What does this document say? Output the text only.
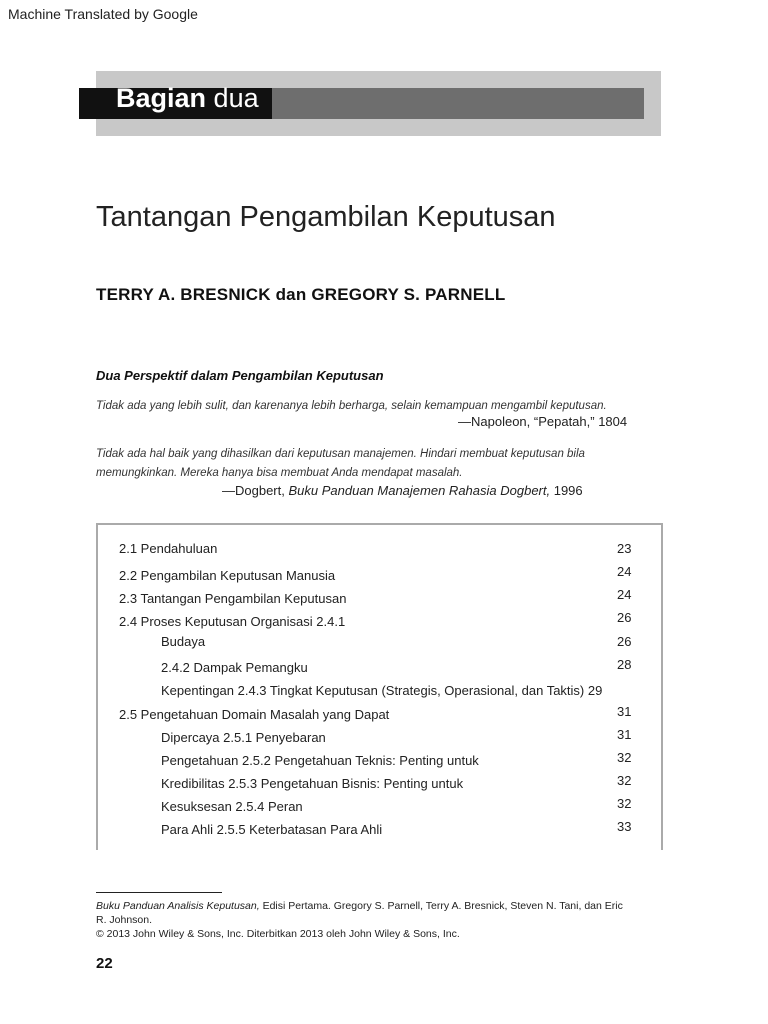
Machine Translated by Google
Bagian dua
Tantangan Pengambilan Keputusan
TERRY A. BRESNICK dan GREGORY S. PARNELL
Dua Perspektif dalam Pengambilan Keputusan
Tidak ada yang lebih sulit, dan karenanya lebih berharga, selain kemampuan mengambil keputusan.
—Napoleon, “Pepatah,” 1804
Tidak ada hal baik yang dihasilkan dari keputusan manajemen. Hindari membuat keputusan bila memungkinkan. Mereka hanya bisa membuat Anda mendapat masalah.
—Dogbert, Buku Panduan Manajemen Rahasia Dogbert, 1996
2.1 Pendahuluan	23
2.2 Pengambilan Keputusan Manusia	24
2.3 Tantangan Pengambilan Keputusan	24
2.4 Proses Keputusan Organisasi 2.4.1	26
Budaya	26
2.4.2 Dampak Pemangku	28
Kepentingan 2.4.3 Tingkat Keputusan (Strategis, Operasional, dan Taktis) 29
2.5 Pengetahuan Domain Masalah yang Dapat	31
Dipercaya 2.5.1 Penyebaran	31
Pengetahuan 2.5.2 Pengetahuan Teknis: Penting untuk	32
Kredibilitas 2.5.3 Pengetahuan Bisnis: Penting untuk	32
Kesuksesan 2.5.4 Peran	32
Para Ahli 2.5.5 Keterbatasan Para Ahli	33
Buku Panduan Analisis Keputusan, Edisi Pertama. Gregory S. Parnell, Terry A. Bresnick, Steven N. Tani, dan Eric R. Johnson.
© 2013 John Wiley & Sons, Inc. Diterbitkan 2013 oleh John Wiley & Sons, Inc.
22
